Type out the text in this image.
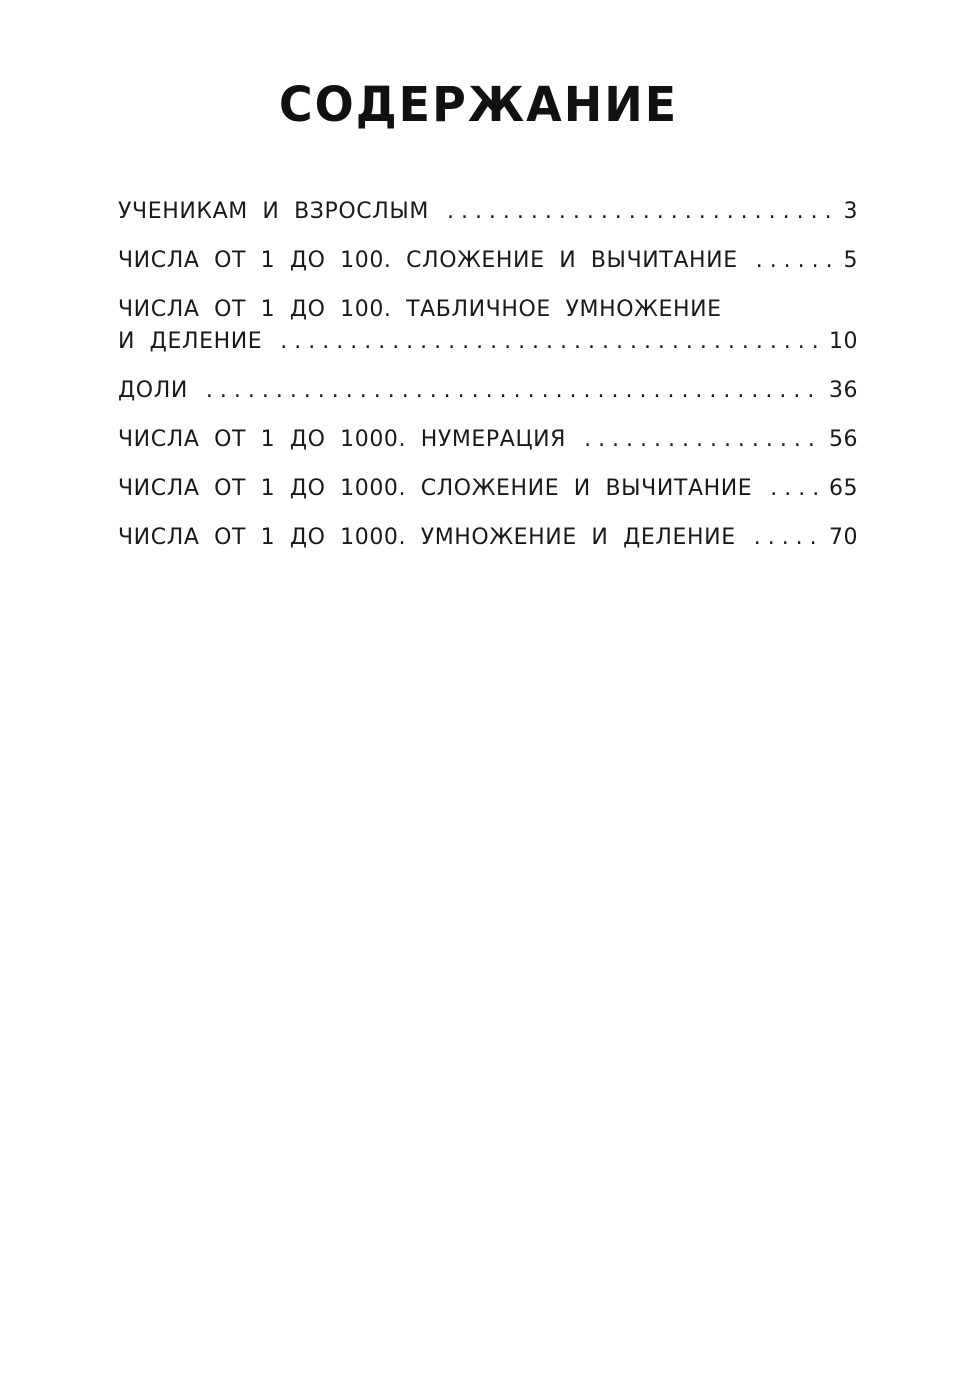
СОДЕРЖАНИЕ
УЧЕНИКАМ И ВЗРОСЛЫМ . . .	3
ЧИСЛА ОТ 1 ДО 100. СЛОЖЕНИЕ И ВЫЧИТАНИЕ . . .	5
ЧИСЛА ОТ 1 ДО 100. ТАБЛИЧНОЕ УМНОЖЕНИЕ
И ДЕЛЕНИЕ . . .	10
ДОЛИ . . .	36
ЧИСЛА ОТ 1 ДО 1000. НУМЕРАЦИЯ . . .	56
ЧИСЛА ОТ 1 ДО 1000. СЛОЖЕНИЕ И ВЫЧИТАНИЕ . . .	65
ЧИСЛА ОТ 1 ДО 1000. УМНОЖЕНИЕ И ДЕЛЕНИЕ . . .	70
